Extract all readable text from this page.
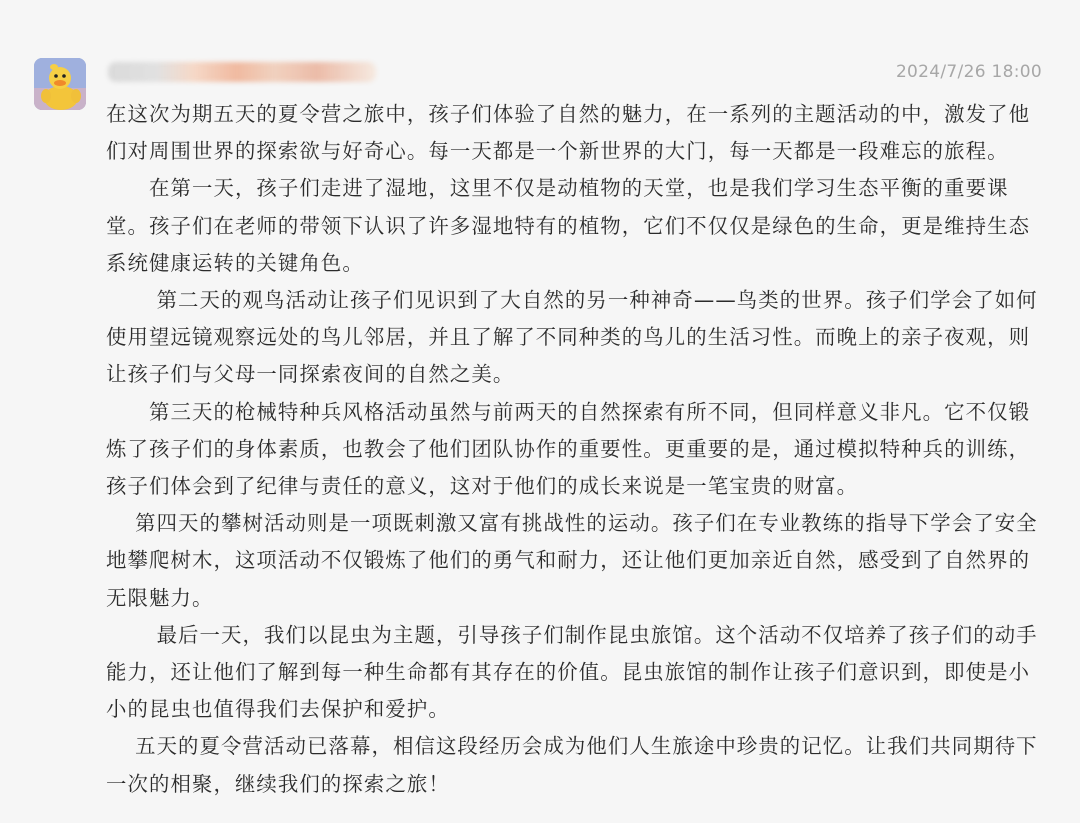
2024/7/26 18:00

在这次为期五天的夏令营之旅中，孩子们体验了自然的魅力，在一系列的主题活动的中，激发了他们对周围世界的探索欲与好奇心。每一天都是一个新世界的大门，每一天都是一段难忘的旅程。

　　在第一天，孩子们走进了湿地，这里不仅是动植物的天堂，也是我们学习生态平衡的重要课堂。孩子们在老师的带领下认识了许多湿地特有的植物，它们不仅仅是绿色的生命，更是维持生态系统健康运转的关键角色。

　　 第二天的观鸟活动让孩子们见识到了大自然的另一种神奇——鸟类的世界。孩子们学会了如何使用望远镜观察远处的鸟儿邻居，并且了解了不同种类的鸟儿的生活习性。而晚上的亲子夜观，则让孩子们与父母一同探索夜间的自然之美。

　　第三天的枪械特种兵风格活动虽然与前两天的自然探索有所不同，但同样意义非凡。它不仅锻炼了孩子们的身体素质，也教会了他们团队协作的重要性。更重要的是，通过模拟特种兵的训练，孩子们体会到了纪律与责任的意义，这对于他们的成长来说是一笔宝贵的财富。

　 第四天的攀树活动则是一项既刺激又富有挑战性的运动。孩子们在专业教练的指导下学会了安全地攀爬树木，这项活动不仅锻炼了他们的勇气和耐力，还让他们更加亲近自然，感受到了自然界的无限魅力。

　　 最后一天，我们以昆虫为主题，引导孩子们制作昆虫旅馆。这个活动不仅培养了孩子们的动手能力，还让他们了解到每一种生命都有其存在的价值。昆虫旅馆的制作让孩子们意识到，即使是小小的昆虫也值得我们去保护和爱护。

　 五天的夏令营活动已落幕，相信这段经历会成为他们人生旅途中珍贵的记忆。让我们共同期待下一次的相聚，继续我们的探索之旅！
